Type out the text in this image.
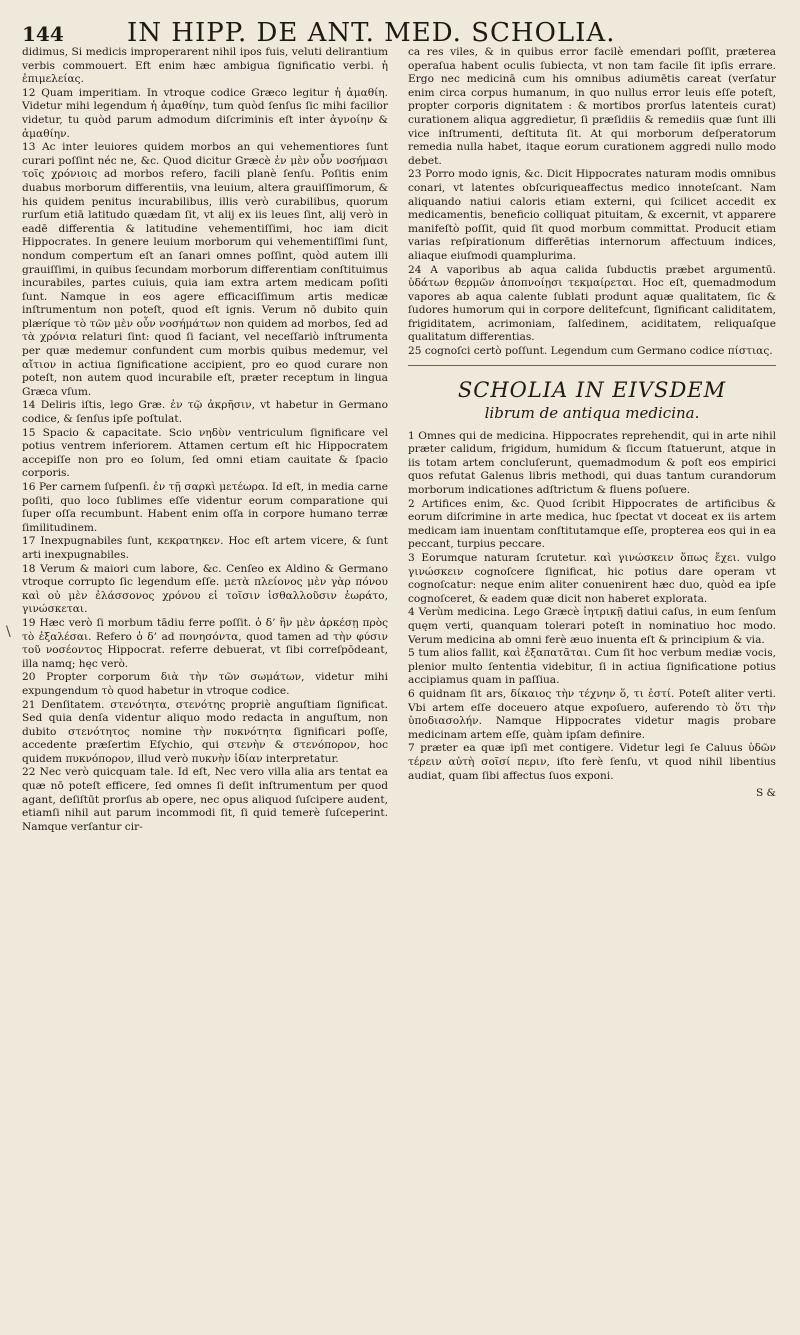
144 IN HIPP. DE ANT. MED. SCHOLIA.
\

didimus, Si medicis improperarent nihil ipos fuis, veluti delirantium verbis commouert. Eft enim hæc ambigua ſignificatio verbi. ἡ ἐπιμελείας.

12 Quam imperitiam. In vtroque codice Græco legitur ἡ ἀμαθίη. Videtur mihi legendum ἡ ἀμαθίην, tum quòd ſenſus ſic mihi facilior videtur, tu quòd parum admodum diſcriminis eſt inter ἀγνοίην & ἀμαθίην.

13 Ac inter leuiores quidem morbos an qui vehementiores ſunt curari poſſint néc ne, &c. Quod dicitur Græcè ἐν μὲν οὖν νοσήμασι τοῖς χρόνιοις ad morbos refero, facili planè ſenſu. Poſitis enim duabus morborum differentiis, vna leuium, altera grauiſſimorum, & his quidem penitus incurabilibus, illis verò curabilibus, quorum rurſum etiā latitudo quædam ſit, vt alij ex iis leues ſint, alij verò in eadē differentia & latitudine vehementiſſimi, hoc iam dicit Hippocrates. In genere leuium morborum qui vehementiſſimi ſunt, nondum compertum eſt an ſanari omnes poſſint, quòd autem illi grauiſſimi, in quibus ſecundam morborum differentiam conſtituimus incurabiles, partes cuiuis, quia iam extra artem medicam poſiti ſunt. Namque in eos agere efficaciſſimum artis medicæ inſtrumentum non poteſt, quod eſt ignis. Verum nō dubito quin plæríque τὸ τῶν μὲν οὖν νοσήμάτων non quidem ad morbos, ſed ad τὰ χρόνια relaturi ſint: quod ſi faciant, vel neceſſariò inſtrumenta per quæ medemur confundent cum morbis quibus medemur, vel αἴτιον in actiua ſignificatione accipient, pro eo quod curare non poteſt, non autem quod incurabile eſt, præter receptum in lingua Græca vſum.

14 Deliris iſtis, lego Græ. ἐν τῷ ἀκρῆσιν, vt habetur in Germano codice, & ſenſus ipſe poſtulat.

15 Spacio & capacitate. Scio νηδὺν ventriculum ſignificare vel potius ventrem inferiorem. Attamen certum eſt hic Hippocratem accepiſſe non pro eo ſolum, ſed omni etiam cauitate & ſpacio corporis.

16 Per carnem ſuſpenſi. ἐν τῇ σαρκὶ μετέωρα. Id eſt, in media carne poſiti, quo loco ſublimes eſſe videntur eorum comparatione qui ſuper oſſa recumbunt. Habent enim oſſa in corpore humano terræ ſimilitudinem.

17 Inexpugnabiles ſunt, κεκρατηκεν. Hoc eſt artem vicere, & ſunt arti inexpugnabiles.

18 Verum & maiori cum labore, &c. Cenſeo ex Aldino & Germano vtroque corrupto ſic legendum eſſe. μετὰ πλείονος μὲν γὰρ πόνου καὶ οὐ μὲν ἐλάσσονος χρόνου εἰ τοῖσιν ἰσθαλλοῦσιν ἐωράτο, γινώσκεται.

19 Hæc verò ſi morbum tādiu ferre poſſit. ὁ δ’ ἢν μὲν ἀρκέσῃ πρὸς τὸ ἐξαλέσαι. Refero ὁ δ’ ad πονησόντα, quod tamen ad τὴν φύσιν τοῦ νοσέοντος Hippocrat. referre debuerat, vt ſibi correſpōdeant, illa namq; hęc verò.

20 Propter corporum διὰ τὴν τῶν σωμάτων, videtur mihi expungendum τὸ quod habetur in vtroque codice.

21 Denſitatem. στενότητα, στενότης propriè anguſtiam ſignificat. Sed quia denſa videntur aliquo modo redacta in anguſtum, non dubito στενότητος nomine τὴν πυκνότητα ſignificari poſſe, accedente præſertim Eſychio, qui στενὴν & στενόπορον, hoc quidem πυκνόπορον, illud verò πυκνὴν ἰδίαν interpretatur.

22 Nec verò quicquam tale. Id eſt, Nec vero villa alia ars tentat ea quæ nō poteſt efficere, ſed omnes ſi deſit inſtrumentum per quod agant, deſiſtūt prorſus ab opere, nec opus aliquod ſuſcipere audent, etiamſi nihil aut parum incommodi ſit, ſi quid temerè ſuſceperint. Namque verſantur cir-

ca res viles, & in quibus error facilè emendari poſſit, præterea operaſua habent oculis ſubiecta, vt non tam facile ſit ipſis errare. Ergo nec medicinā cum his omnibus adiumētis careat (verſatur enim circa corpus humanum, in quo nullus error leuis eſſe poteſt, propter corporis dignitatem : & mortibos prorſus latenteis curat) curationem aliqua aggredietur, ſi præſidiis & remediis quæ ſunt illi vice inſtrumenti, deſtituta ſit. At qui morborum deſperatorum remedia nulla habet, itaque eorum curationem aggredi nullo modo debet.

23 Porro modo ignis, &c. Dicit Hippocrates naturam modis omnibus conari, vt latentes obſcuriqueaffectus medico innoteſcant. Nam aliquando natiui caloris etiam externi, qui ſcilicet accedit ex medicamentis, beneficio colliquat pituitam, & excernit, vt apparere manifeſtò poſſit, quid ſit quod morbum committat. Producit etiam varias reſpirationum differētias internorum affectuum indices, aliaque eiuſmodi quamplurima.

24 A vaporibus ab aqua calida ſubductis præbet argumentū. ὑδάτων θερμῶν ἀποπνοίῃσι τεκμαίρεται. Hoc eſt, quemadmodum vapores ab aqua calente ſublati produnt aquæ qualitatem, ſic & ſudores humorum qui in corpore delitefcunt, ſignificant caliditatem, frigiditatem, acrimoniam, ſalſedinem, aciditatem, reliquaſque qualitatum differentias.

25 cognoſci certò poſſunt. Legendum cum Germano codice πίστιας.

SCHOLIA IN EIVSDEM
librum de antiqua medicina.

1 Omnes qui de medicina. Hippocrates reprehendit, qui in arte nihil præter calidum, frigidum, humidum & ſiccum ſtatuerunt, atque in iis totam artem concluſerunt, quemadmodum & poſt eos empirici quos refutat Galenus libris methodi, qui duas tantum curandorum morborum indicationes adſtrictum & fluens poſuere.

2 Artifices enim, &c. Quod ſcribit Hippocrates de artificibus & eorum diſcrimine in arte medica, huc ſpectat vt doceat ex iis artem medicam iam inuentam conſtitutamque eſſe, propterea eos qui in ea peccant, turpius peccare.

3 Eorumque naturam ſcrutetur. καὶ γινώσκειν ὅπως ἔχει. vulgo γινώσκειν cognoſcere ſignificat, hic potius dare operam vt cognoſcatur: neque enim aliter conuenirent hæc duo, quòd ea ipſe cognoſceret, & eadem quæ dicit non haberet explorata.

4 Verùm medicina. Lego Græcè ἰητρικῇ datiui caſus, in eum ſenſum quęm verti, quanquam tolerari poteſt in nominatiuo hoc modo. Verum medicina ab omni ferè æuo inuenta eſt & principium & via.

5 tum alios fallit, καὶ ἐξαπατᾶται. Cum ſit hoc verbum mediæ vocis, plenior multo ſententia videbitur, ſi in actiua ſignificatione potius accipiamus quam in paſſiua.

6 quidnam ſit ars, δίκαιος τὴν τέχνην ὅ, τι ἐστί. Poteſt aliter verti. Vbi artem eſſe doceuero atque expoſuero, auferendo τὸ ὅτι τὴν ὑποδιασολήν. Namque Hippocrates videtur magis probare medicinam artem eſſe, quàm ipſam definire.

7 præter ea quæ ipſi met contigere. Videtur legi ſe Caluus ὑδῶν τέρειν αὐτὴ σοῖσί περιν, iſto ferè ſenſu, vt quod nihil libentius audiat, quam ſibi affectus ſuos exponi.

S &
